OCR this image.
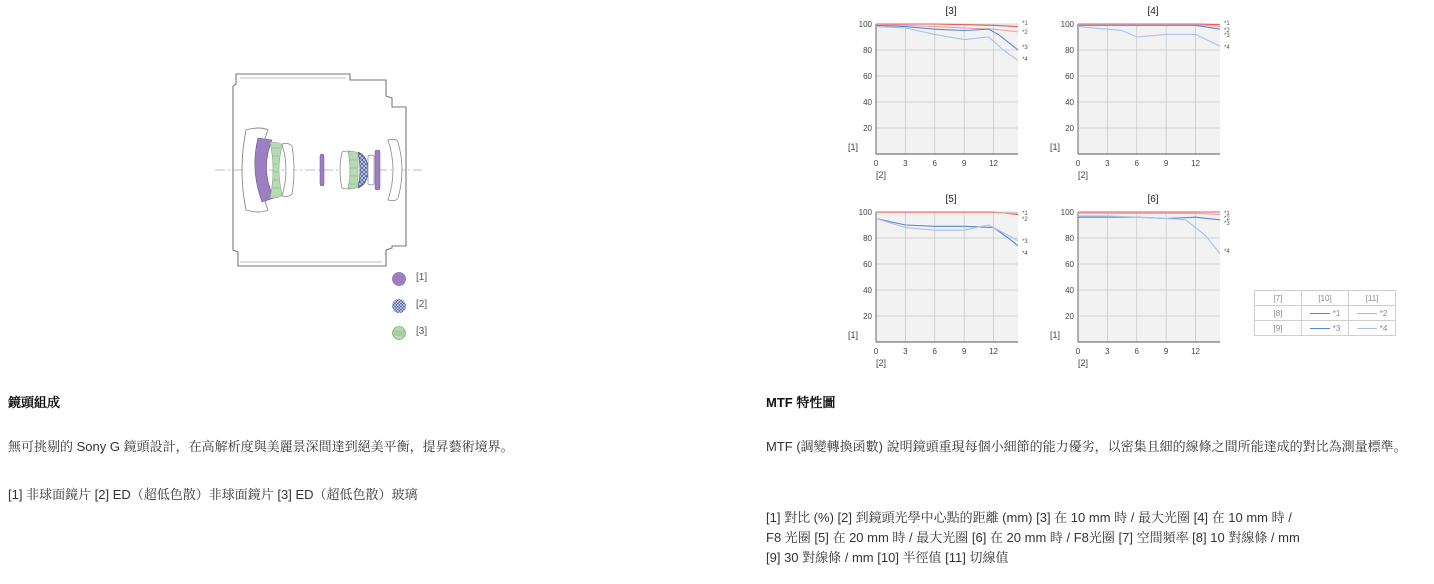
[1]
[2]
[3]
鏡頭組成
無可挑剔的 Sony G 鏡頭設計，在高解析度與美麗景深間達到絕美平衡，提昇藝術境界。
[1] 非球面鏡片 [2] ED（超低色散）非球面鏡片 [3] ED（超低色散）玻璃
0	3	6	9	12
20
40
60
80
100
[3]
[1]
[2]
*1
*2
*3
*4
0	3	6	9	12
20
40
60
80
100
[4]
[1]
[2]
*1
*2
*3
*4
0	3	6	9	12
20
40
60
80
100
[5]
[1]
[2]
*1
*2
*3
*4
0	3	6	9	12
20
40
60
80
100
[6]
[1]
[2]
*1
*2
*3
*4
[7]	[10]	[11]
[8]	*1	*2
[9]	*3	*4
MTF 特性圖
MTF (調變轉換函數) 說明鏡頭重現每個小細節的能力優劣，以密集且細的線條之間所能達成的對比為測量標準。
[1] 對比 (%) [2] 到鏡頭光學中心點的距離 (mm) [3] 在 10 mm 時 / 最大光圈 [4] 在 10 mm 時 /
F8 光圈 [5] 在 20 mm 時 / 最大光圈 [6] 在 20 mm 時 / F8光圈 [7] 空間頻率 [8] 10 對線條 / mm
[9] 30 對線條 / mm [10] 半徑值 [11] 切線值
